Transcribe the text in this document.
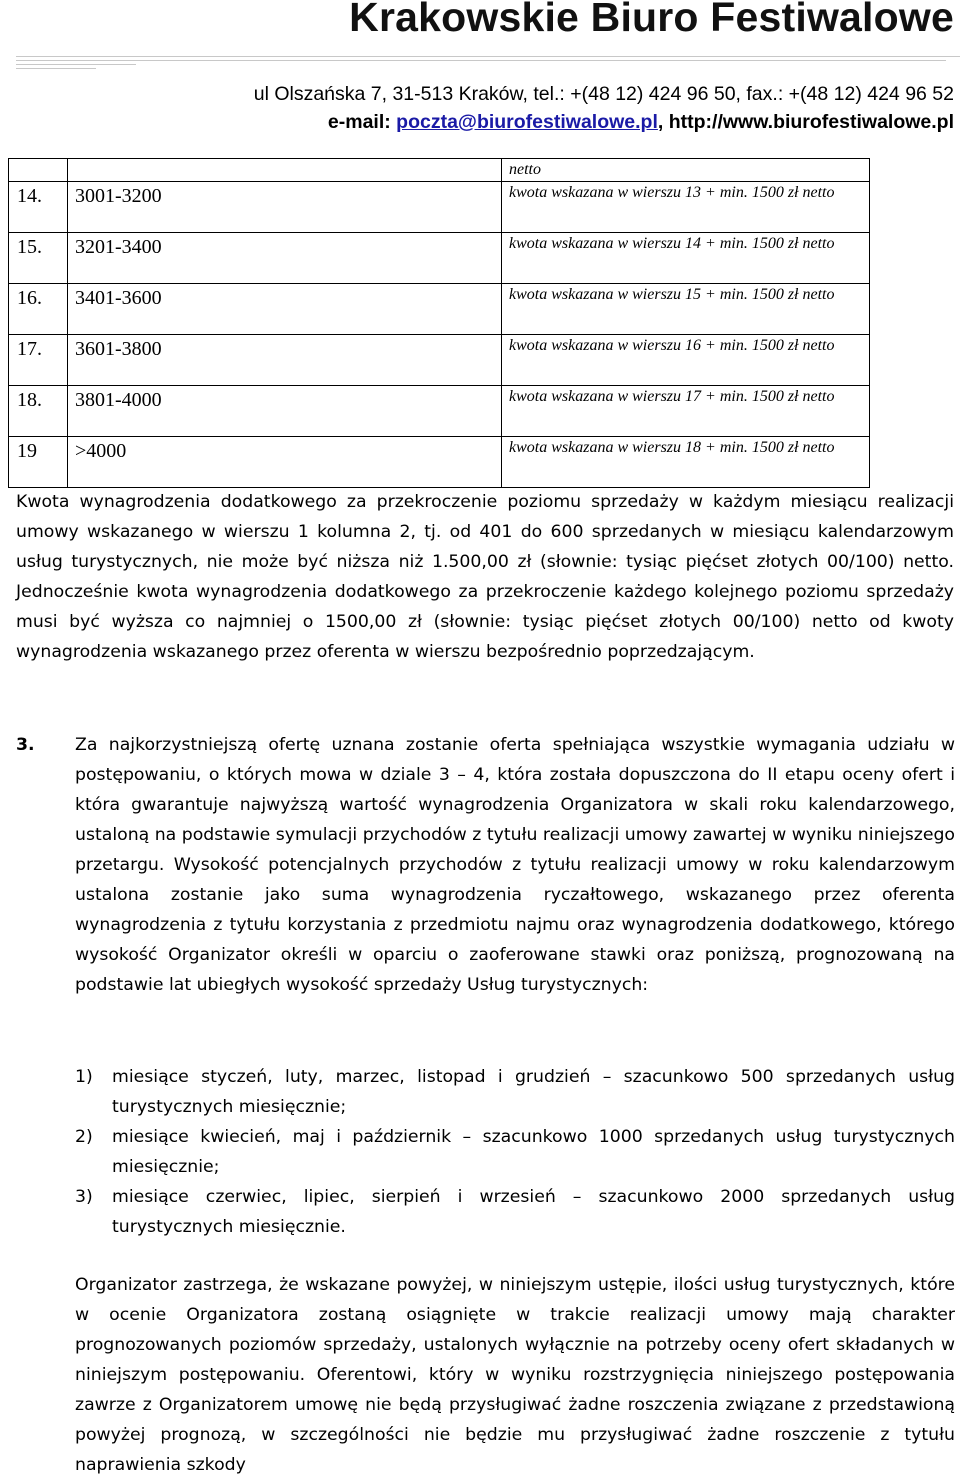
Krakowskie Biuro Festiwalowe
ul Olszańska 7, 31-513 Kraków, tel.: +(48 12) 424 96 50, fax.: +(48 12) 424 96 52
e-mail: poczta@biurofestiwalowe.pl, http://www.biurofestiwalowe.pl
		netto
14.	3001-3200	kwota wskazana w wierszu 13 + min. 1500 zł netto
15.	3201-3400	kwota wskazana w wierszu 14 + min. 1500 zł netto
16.	3401-3600	kwota wskazana w wierszu 15 + min. 1500 zł netto
17.	3601-3800	kwota wskazana w wierszu 16 + min. 1500 zł netto
18.	3801-4000	kwota wskazana w wierszu 17 + min. 1500 zł netto
19	>4000	kwota wskazana w wierszu 18 + min. 1500 zł netto

Kwota wynagrodzenia dodatkowego za przekroczenie poziomu sprzedaży w każdym miesiącu realizacji umowy wskazanego w wierszu 1 kolumna 2, tj. od 401 do 600 sprzedanych w miesiącu kalendarzowym usług turystycznych, nie może być niższa niż 1.500,00 zł (słownie: tysiąc pięćset złotych 00/100) netto. Jednocześnie kwota wynagrodzenia dodatkowego za przekroczenie każdego kolejnego poziomu sprzedaży musi być wyższa co najmniej o 1500,00 zł (słownie: tysiąc pięćset złotych 00/100) netto od kwoty wynagrodzenia wskazanego przez oferenta w wierszu bezpośrednio poprzedzającym.

3. Za najkorzystniejszą ofertę uznana zostanie oferta spełniająca wszystkie wymagania udziału w postępowaniu, o których mowa w dziale 3 – 4, która została dopuszczona do II etapu oceny ofert i która gwarantuje najwyższą wartość wynagrodzenia Organizatora w skali roku kalendarzowego, ustaloną na podstawie symulacji przychodów z tytułu realizacji umowy zawartej w wyniku niniejszego przetargu. Wysokość potencjalnych przychodów z tytułu realizacji umowy w roku kalendarzowym ustalona zostanie jako suma wynagrodzenia ryczałtowego, wskazanego przez oferenta wynagrodzenia z tytułu korzystania z przedmiotu najmu oraz wynagrodzenia dodatkowego, którego wysokość Organizator określi w oparciu o zaoferowane stawki oraz poniższą, prognozowaną na podstawie lat ubiegłych wysokość sprzedaży Usług turystycznych:

1) miesiące styczeń, luty, marzec, listopad i grudzień – szacunkowo 500 sprzedanych usług turystycznych miesięcznie;
2) miesiące kwiecień, maj i październik – szacunkowo 1000 sprzedanych usług turystycznych miesięcznie;
3) miesiące czerwiec, lipiec, sierpień i wrzesień – szacunkowo 2000 sprzedanych usług turystycznych miesięcznie.

Organizator zastrzega, że wskazane powyżej, w niniejszym ustępie, ilości usług turystycznych, które w ocenie Organizatora zostaną osiągnięte w trakcie realizacji umowy mają charakter prognozowanych poziomów sprzedaży, ustalonych wyłącznie na potrzeby oceny ofert składanych w niniejszym postępowaniu. Oferentowi, który w wyniku rozstrzygnięcia niniejszego postępowania zawrze z Organizatorem umowę nie będą przysługiwać żadne roszczenia związane z przedstawioną powyżej prognozą, w szczególności nie będzie mu przysługiwać żadne roszczenie z tytułu naprawienia szkody
